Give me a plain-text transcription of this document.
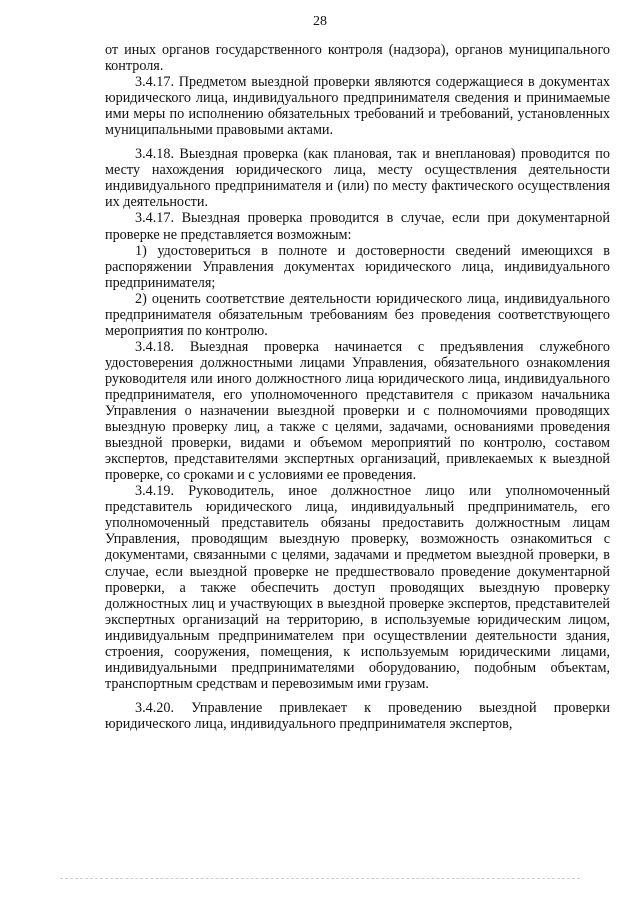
28

от иных органов государственного контроля (надзора), органов муниципального контроля.

3.4.17. Предметом выездной проверки являются содержащиеся в документах юридического лица, индивидуального предпринимателя сведения и принимаемые ими меры по исполнению обязательных требований и требований, установленных муниципальными правовыми актами.

3.4.18. Выездная проверка (как плановая, так и внеплановая) проводится по месту нахождения юридического лица, месту осуществления деятельности индивидуального предпринимателя и (или) по месту фактического осуществления их деятельности.

3.4.17. Выездная проверка проводится в случае, если при документарной проверке не представляется возможным:

1) удостовериться в полноте и достоверности сведений имеющихся в распоряжении Управления документах юридического лица, индивидуального предпринимателя;

2) оценить соответствие деятельности юридического лица, индивидуального предпринимателя обязательным требованиям без проведения соответствующего мероприятия по контролю.

3.4.18. Выездная проверка начинается с предъявления служебного удостоверения должностными лицами Управления, обязательного ознакомления руководителя или иного должностного лица юридического лица, индивидуального предпринимателя, его уполномоченного представителя с приказом начальника Управления о назначении выездной проверки и с полномочиями проводящих выездную проверку лиц, а также с целями, задачами, основаниями проведения выездной проверки, видами и объемом мероприятий по контролю, составом экспертов, представителями экспертных организаций, привлекаемых к выездной проверке, со сроками и с условиями ее проведения.

3.4.19. Руководитель, иное должностное лицо или уполномоченный представитель юридического лица, индивидуальный предприниматель, его уполномоченный представитель обязаны предоставить должностным лицам Управления, проводящим выездную проверку, возможность ознакомиться с документами, связанными с целями, задачами и предметом выездной проверки, в случае, если выездной проверке не предшествовало проведение документарной проверки, а также обеспечить доступ проводящих выездную проверку должностных лиц и участвующих в выездной проверке экспертов, представителей экспертных организаций на территорию, в используемые юридическим лицом, индивидуальным предпринимателем при осуществлении деятельности здания, строения, сооружения, помещения, к используемым юридическими лицами, индивидуальными предпринимателями оборудованию, подобным объектам, транспортным средствам и перевозимым ими грузам.

3.4.20. Управление привлекает к проведению выездной проверки юридического лица, индивидуального предпринимателя экспертов,
